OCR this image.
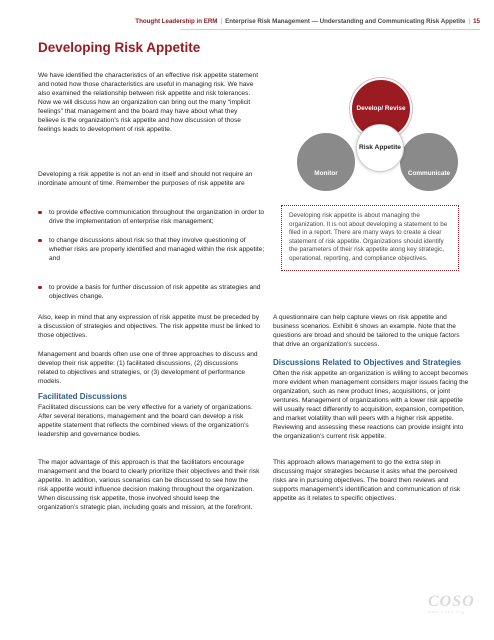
Thought Leadership in ERM | Enterprise Risk Management — Understanding and Communicating Risk Appetite | 15
Developing Risk Appetite

We have identified the characteristics of an effective risk appetite statement and noted how those characteristics are useful in managing risk. We have also examined the relationship between risk appetite and risk tolerances. Now we will discuss how an organization can bring out the many “implicit feelings” that management and the board may have about what they believe is the organization’s risk appetite and how discussion of those feelings leads to development of risk appetite.

Developing a risk appetite is not an end in itself and should not require an inordinate amount of time. Remember the purposes of risk appetite are

to provide effective communication throughout the organization in order to drive the implementation of enterprise risk management;
to change discussions about risk so that they involve questioning of whether risks are properly identified and managed within the risk appetite; and
to provide a basis for further discussion of risk appetite as strategies and objectives change.
Monitor	Communicate
Develop/ Revise
Risk Appetite
Developing risk appetite is about managing the organization. It is not about developing a statement to be filed in a report. There are many ways to create a clear statement of risk appetite. Organizations should identify the parameters of their risk appetite along key strategic, operational, reporting, and compliance objectives.

Also, keep in mind that any expression of risk appetite must be preceded by a discussion of strategies and objectives. The risk appetite must be linked to those objectives.

Management and boards often use one of three approaches to discuss and develop their risk appetite: (1) facilitated discussions, (2) discussions related to objectives and strategies, or (3) development of performance models.

Facilitated Discussions

Facilitated discussions can be very effective for a variety of organizations. After several iterations, management and the board can develop a risk appetite statement that reflects the combined views of the organization’s leadership and governance bodies.

The major advantage of this approach is that the facilitators encourage management and the board to clearly prioritize their objectives and their risk appetite. In addition, various scenarios can be discussed to see how the risk appetite would influence decision making throughout the organization. When discussing risk appetite, those involved should keep the organization’s strategic plan, including goals and mission, at the forefront.

A questionnaire can help capture views on risk appetite and business scenarios. Exhibit 6 shows an example. Note that the questions are broad and should be tailored to the unique factors that drive an organization’s success.

Discussions Related to Objectives and Strategies

Often the risk appetite an organization is willing to accept becomes more evident when management considers major issues facing the organization, such as new product lines, acquisitions, or joint ventures. Management of organizations with a lower risk appetite will usually react differently to acquisition, expansion, competition, and market volatility than will peers with a higher risk appetite. Reviewing and assessing these reactions can provide insight into the organization’s current risk appetite.

This approach allows management to go the extra step in discussing major strategies because it asks what the perceived risks are in pursuing objectives. The board then reviews and supports management’s identification and communication of risk appetite as it relates to specific objectives.

COSO
www.coso.org
